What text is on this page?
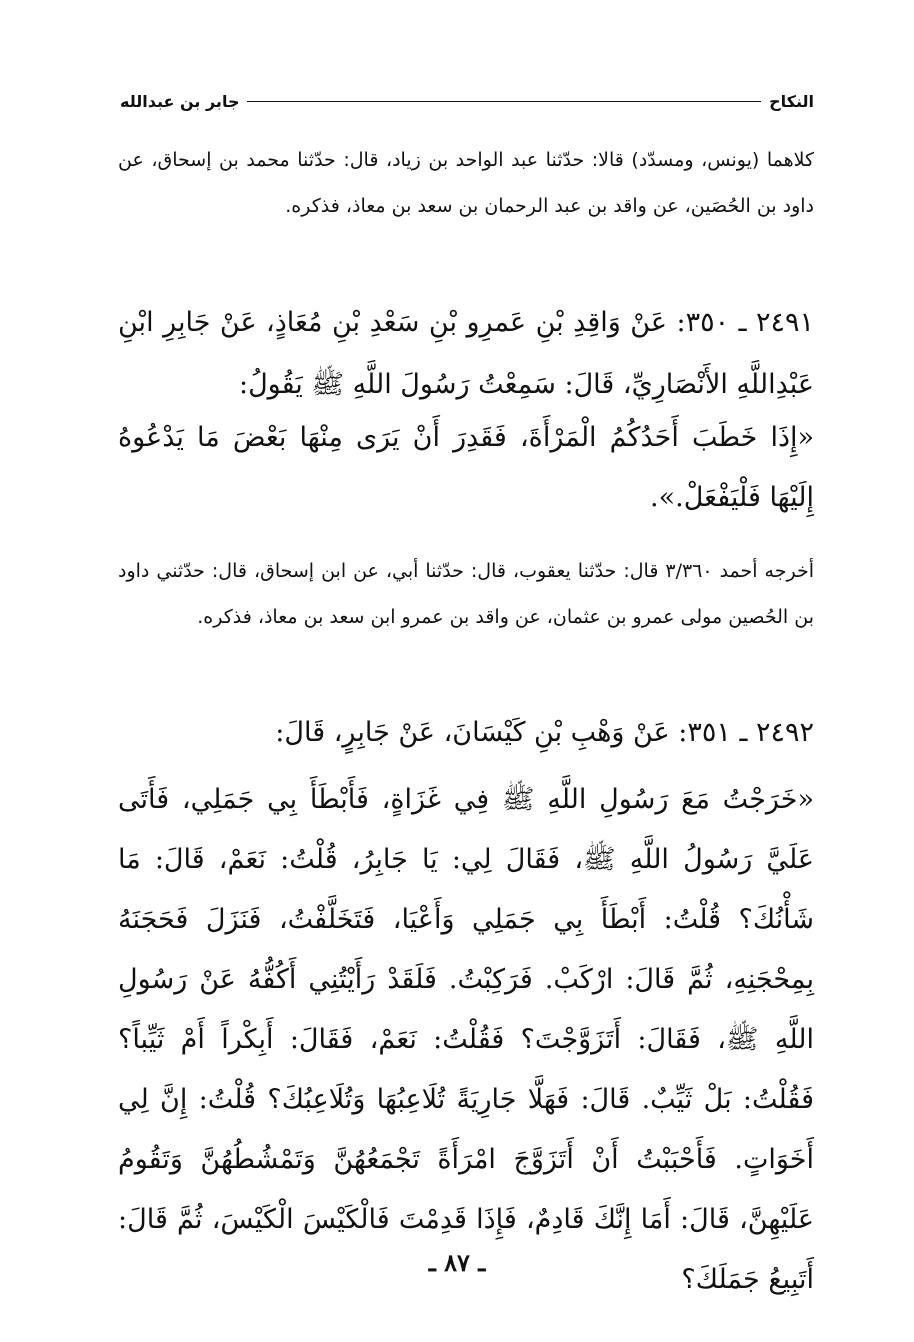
النكاح
جابر بن عبدالله
كلاهما (يونس، ومسدّد) قالا: حدّثنا عبد الواحد بن زياد، قال: حدّثنا محمد بن إسحاق، عن داود بن الحُصَين، عن واقد بن عبد الرحمان بن سعد بن معاذ، فذكره.
٢٤٩١ ـ ٣٥٠: عَنْ وَاقِدِ بْنِ عَمرِو بْنِ سَعْدِ بْنِ مُعَاذٍ، عَنْ جَابِرِ ابْنِ عَبْدِاللَّهِ الأَنْصَارِيِّ، قَالَ: سَمِعْتُ رَسُولَ اللَّهِ ﷺ يَقُولُ:
«إِذَا خَطَبَ أَحَدُكُمُ الْمَرْأَةَ، فَقَدِرَ أَنْ يَرَى مِنْهَا بَعْضَ مَا يَدْعُوهُ إِلَيْهَا فَلْيَفْعَلْ.».
أخرجه أحمد ٣/٣٦٠ قال: حدّثنا يعقوب، قال: حدّثنا أبي، عن ابن إسحاق، قال: حدّثني داود بن الحُصين مولى عمرو بن عثمان، عن واقد بن عمرو ابن سعد بن معاذ، فذكره.
٢٤٩٢ ـ ٣٥١: عَنْ وَهْبِ بْنِ كَيْسَانَ، عَنْ جَابِرٍ، قَالَ:
«خَرَجْتُ مَعَ رَسُولِ اللَّهِ ﷺ فِي غَزَاةٍ، فَأَبْطَأَ بِي جَمَلِي، فَأَتَى عَلَيَّ رَسُولُ اللَّهِ ﷺ، فَقَالَ لِي: يَا جَابِرُ، قُلْتُ: نَعَمْ، قَالَ: مَا شَأْنُكَ؟ قُلْتُ: أَبْطَأَ بِي جَمَلِي وَأَعْيَا، فَتَخَلَّفْتُ، فَنَزَلَ فَحَجَنَهُ بِمِحْجَنِهِ، ثُمَّ قَالَ: ارْكَبْ. فَرَكِبْتُ. فَلَقَدْ رَأَيْتُنِي أَكُفُّهُ عَنْ رَسُولِ اللَّهِ ﷺ، فَقَالَ: أَتَزَوَّجْتَ؟ فَقُلْتُ: نَعَمْ، فَقَالَ: أَبِكْراً أَمْ ثَيِّباً؟ فَقُلْتُ: بَلْ ثَيِّبٌ. قَالَ: فَهَلَّا جَارِيَةً تُلَاعِبُهَا وَتُلَاعِبُكَ؟ قُلْتُ: إِنَّ لِي أَخَوَاتٍ. فَأَحْبَبْتُ أَنْ أَتَزَوَّجَ امْرَأَةً تَجْمَعُهُنَّ وَتَمْشُطُهُنَّ وَتَقُومُ عَلَيْهِنَّ، قَالَ: أَمَا إِنَّكَ قَادِمٌ، فَإِذَا قَدِمْتَ فَالْكَيْسَ الْكَيْسَ، ثُمَّ قَالَ: أَتَبِيعُ جَمَلَكَ؟
ـ ٨٧ ـ
